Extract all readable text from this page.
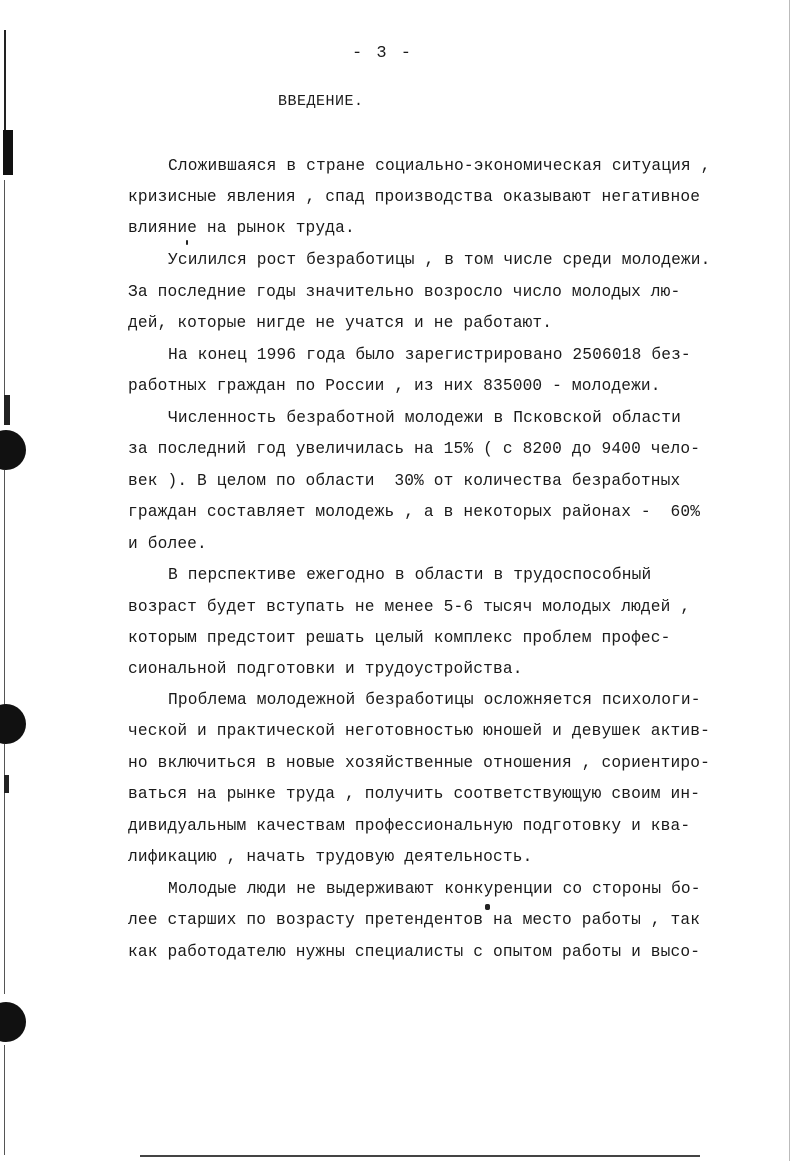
- 3 -
ВВЕДЕНИЕ.
Сложившаяся в стране социально-экономическая ситуация ,
кризисные явления , спад производства оказывают негативное
влияние на рынок труда.
Усилился рост безработицы , в том числе среди молодежи.
За последние годы значительно возросло число молодых лю-
дей, которые нигде не учатся и не работают.
На конец 1996 года было зарегистрировано 2506018 без-
работных граждан по России , из них 835000 - молодежи.
Численность безработной молодежи в Псковской области
за последний год увеличилась на 15% ( с 8200 до 9400 чело-
век ). В целом по области  30% от количества безработных
граждан составляет молодежь , а в некоторых районах -  60%
и более.
В перспективе ежегодно в области в трудоспособный
возраст будет вступать не менее 5-6 тысяч молодых людей ,
которым предстоит решать целый комплекс проблем профес-
сиональной подготовки и трудоустройства.
Проблема молодежной безработицы осложняется психологи-
ческой и практической неготовностью юношей и девушек актив-
но включиться в новые хозяйственные отношения , сориентиро-
ваться на рынке труда , получить соответствующую своим ин-
дивидуальным качествам профессиональную подготовку и ква-
лификацию , начать трудовую деятельность.
Молодые люди не выдерживают конкуренции со стороны бо-
лее старших по возрасту претендентов на место работы , так
как работодателю нужны специалисты с опытом работы и высо-
